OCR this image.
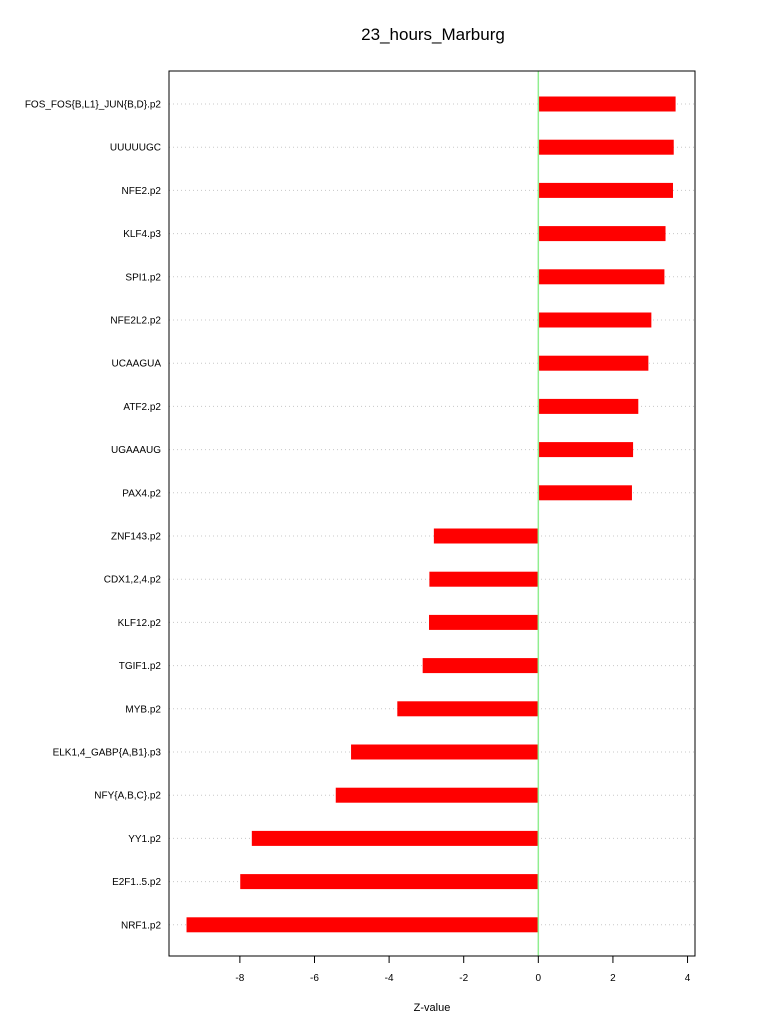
23_hours_Marburg
FOS_FOS{B,L1}_JUN{B,D}.p2
UUUUUGC
NFE2.p2
KLF4.p3
SPI1.p2
NFE2L2.p2
UCAAGUA
ATF2.p2
UGAAAUG
PAX4.p2
ZNF143.p2
CDX1,2,4.p2
KLF12.p2
TGIF1.p2
MYB.p2
ELK1,4_GABP{A,B1}.p3
NFY{A,B,C}.p2
YY1.p2
E2F1..5.p2
NRF1.p2
-8	-6	-4	-2	0	2	4
Z-value
